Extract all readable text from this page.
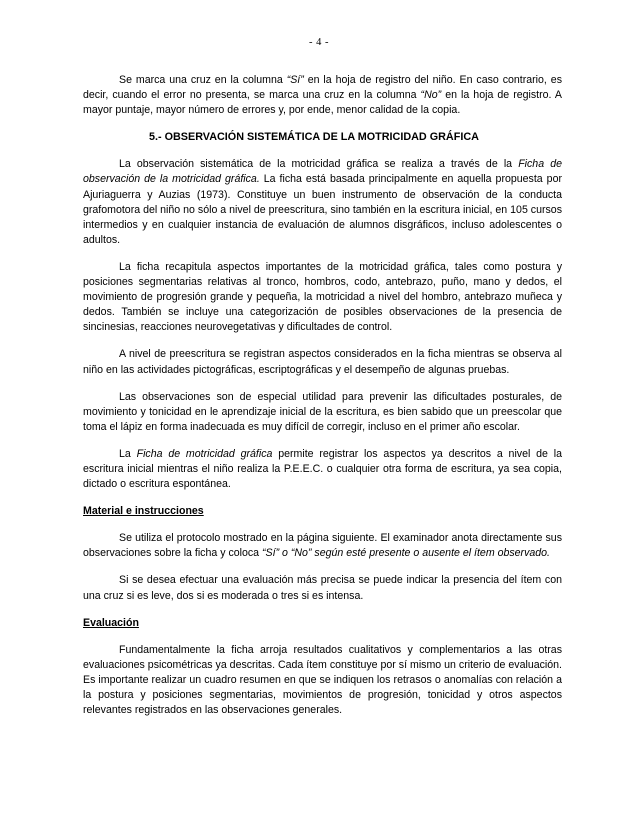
- 4 -

Se marca una cruz en la columna “ Sí ” en la hoja de registro del niño. En caso contrario, es decir, cuando el error no presenta, se marca una cruz en la columna “ No ” en la hoja de registro. A mayor puntaje, mayor número de errores y, por ende, menor calidad de la copia.

5.- OBSERVACIÓN SISTEMÁTICA DE LA MOTRICIDAD GRÁFICA

La observación sistemática de la motricidad gráfica se realiza a través de la Ficha de observación de la motricidad gráfica. La ficha está basada principalmente en aquella propuesta por Ajuriaguerra y Auzias (1973). Constituye un buen instrumento de observación de la conducta grafomotora del niño no sólo a nivel de preescritura, sino también en la escritura inicial, en 105 cursos intermedios y en cualquier instancia de evaluación de alumnos disgráficos, incluso adolescentes o adultos.

La ficha recapitula aspectos importantes de la motricidad gráfica, tales como postura y posiciones segmentarias relativas al tronco, hombros, codo, antebrazo, puño, mano y dedos, el movimiento de progresión grande y pequeña, la motricidad a nivel del hombro, antebrazo muñeca y dedos. También se incluye una categorización de posibles observaciones de la presencia de sincinesias, reacciones neurovegetativas y dificultades de control.

A nivel de preescritura se registran aspectos considerados en la ficha mientras se observa al niño en las actividades pictográficas, escriptográficas y el desempeño de algunas pruebas.

Las observaciones son de especial utilidad para prevenir las dificultades posturales, de movimiento y tonicidad en le aprendizaje inicial de la escritura, es bien sabido que un preescolar que toma el lápiz en forma inadecuada es muy difícil de corregir, incluso en el primer año escolar.

La Ficha de motricidad gráfica permite registrar los aspectos ya descritos a nivel de la escritura inicial mientras el niño realiza la P.E.E.C. o cualquier otra forma de escritura, ya sea copia, dictado o escritura espontánea.

Material e instrucciones

Se utiliza el protocolo mostrado en la página siguiente. El examinador anota directamente sus observaciones sobre la ficha y coloca “ Sí ” o “ No ” según esté presente o ausente el ítem observado.

Si se desea efectuar una evaluación más precisa se puede indicar la presencia del ítem con una cruz si es leve, dos si es moderada o tres si es intensa.

Evaluación

Fundamentalmente la ficha arroja resultados cualitativos y complementarios a las otras evaluaciones psicométricas ya descritas. Cada ítem constituye por sí mismo un criterio de evaluación. Es importante realizar un cuadro resumen en que se indiquen los retrasos o anomalías con relación a la postura y posiciones segmentarias, movimientos de progresión, tonicidad y otros aspectos relevantes registrados en las observaciones generales.
